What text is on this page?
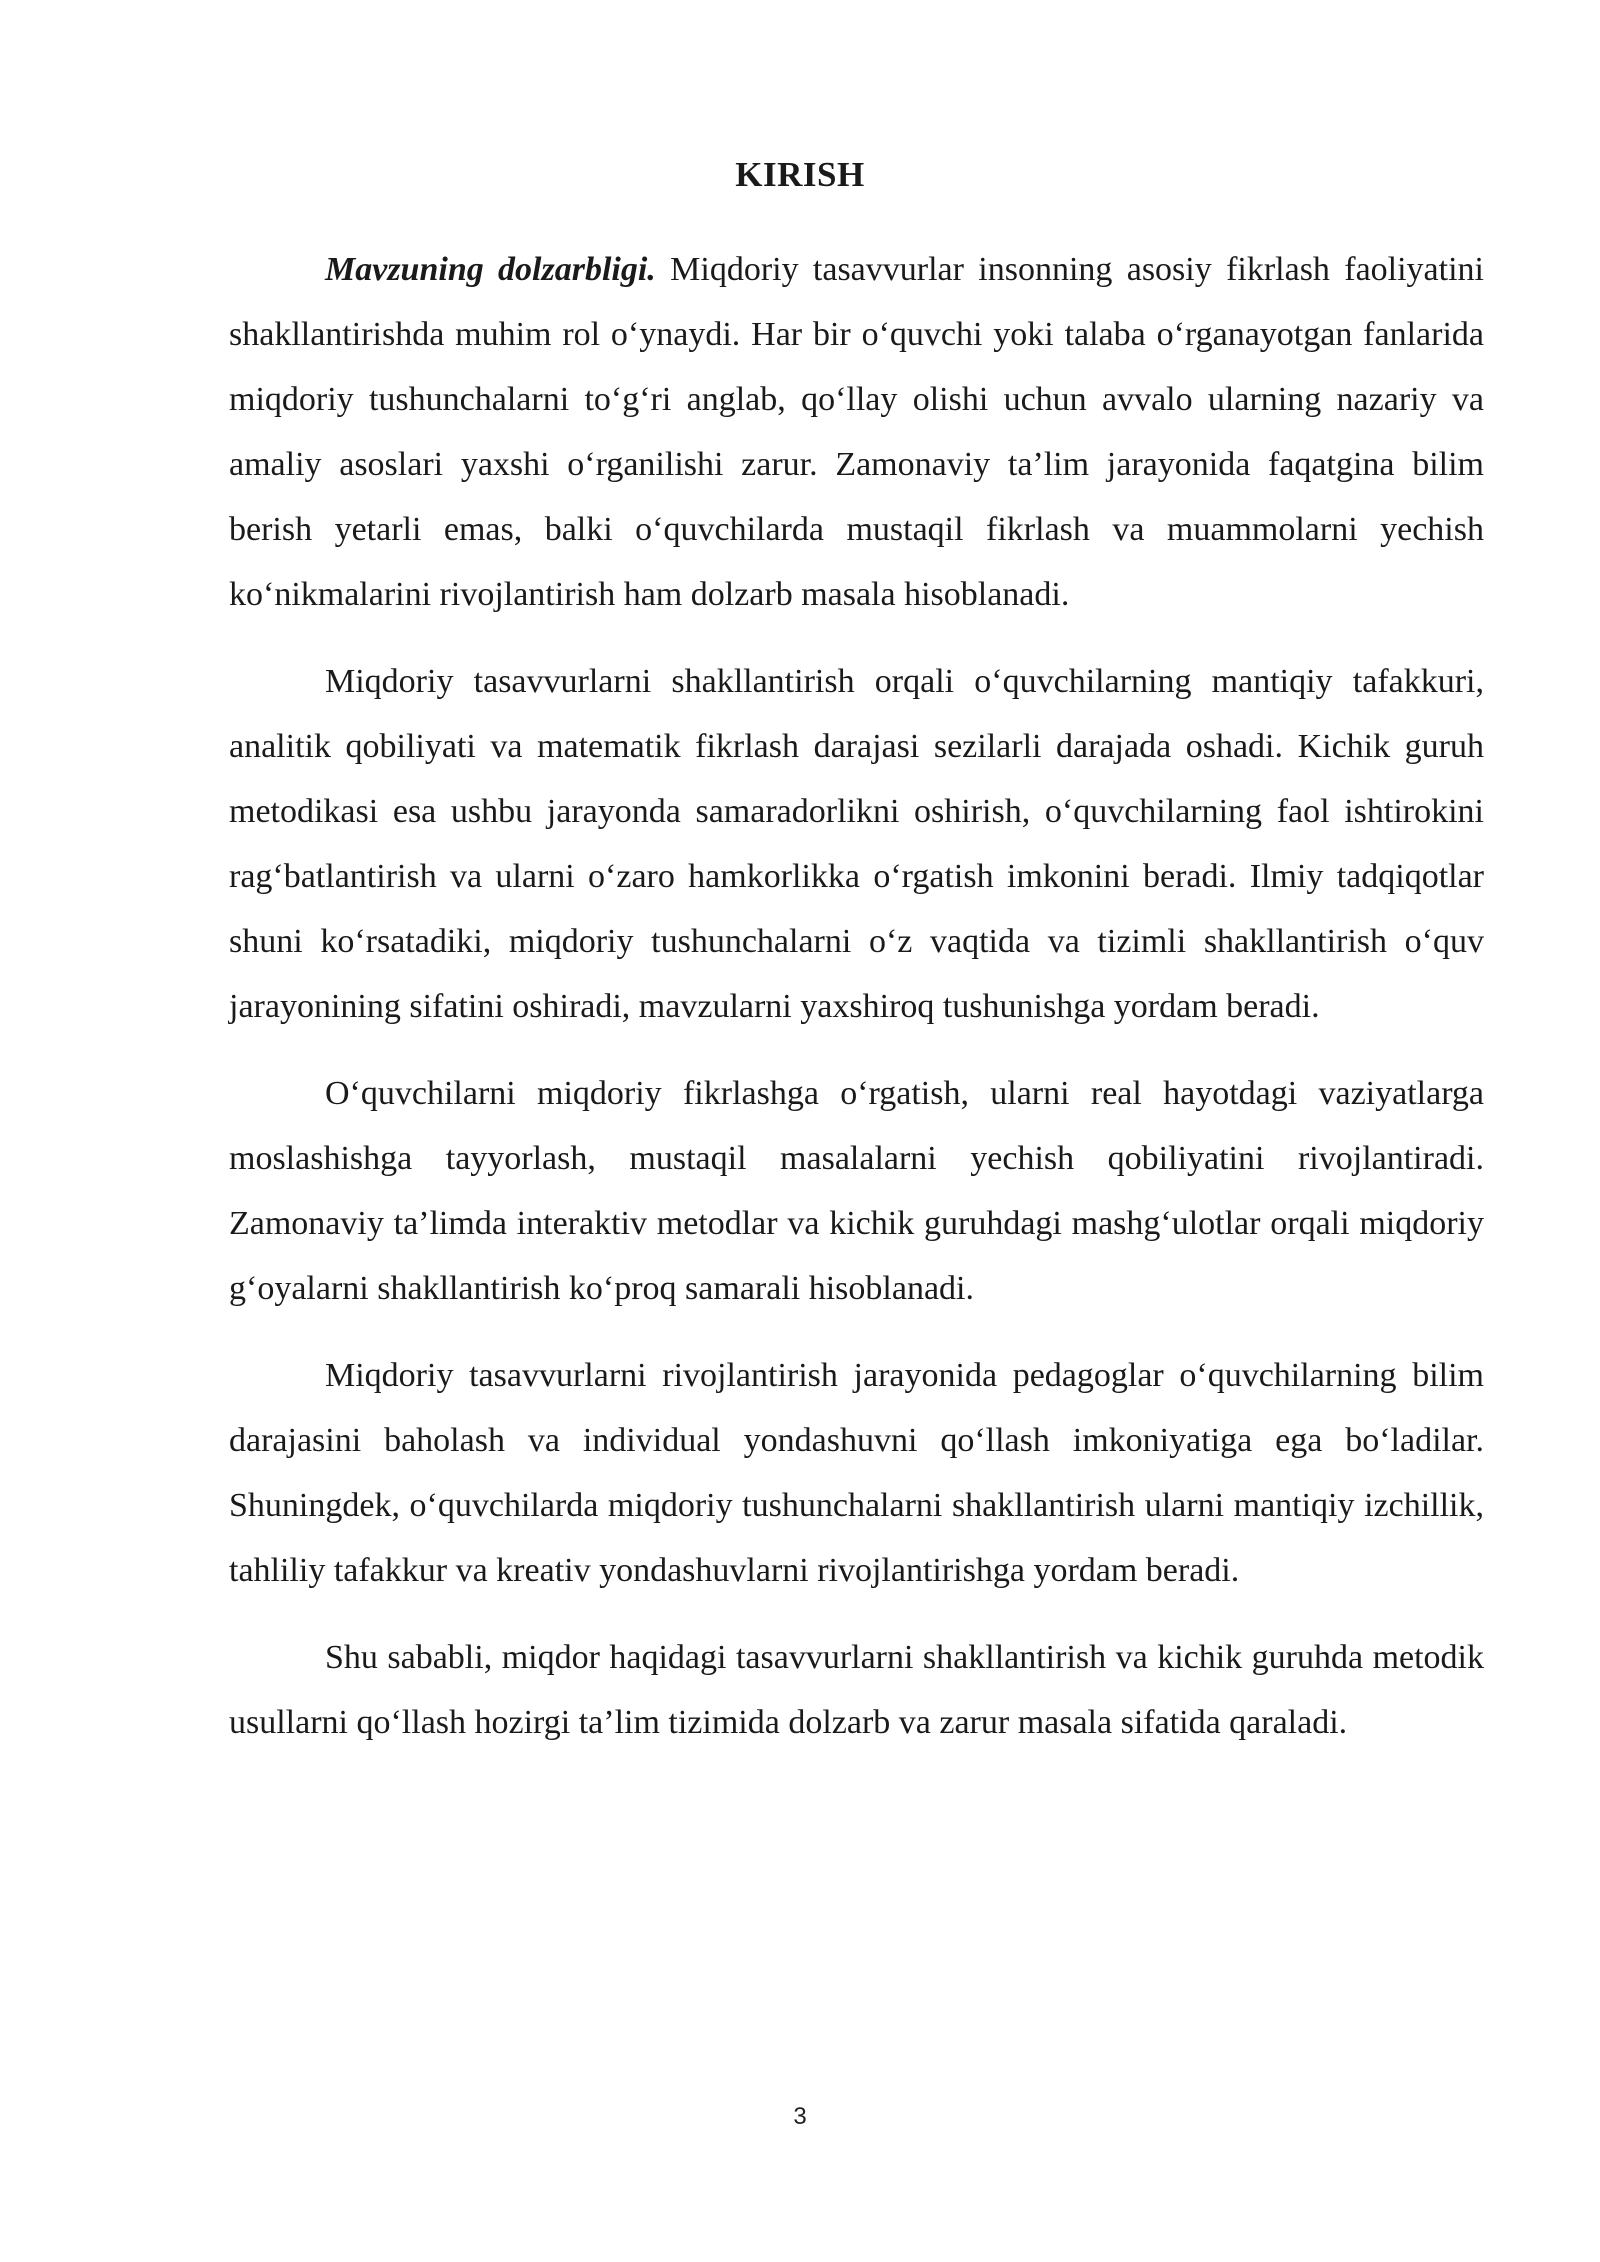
KIRISH

Mavzuning dolzarbligi. Miqdoriy tasavvurlar insonning asosiy fikrlash faoliyatini shakllantirishda muhim rol o‘ynaydi. Har bir o‘quvchi yoki talaba o‘rganayotgan fanlarida miqdoriy tushunchalarni to‘g‘ri anglab, qo‘llay olishi uchun avvalo ularning nazariy va amaliy asoslari yaxshi o‘rganilishi zarur. Zamonaviy ta’lim jarayonida faqatgina bilim berish yetarli emas, balki o‘quvchilarda mustaqil fikrlash va muammolarni yechish ko‘nikmalarini rivojlantirish ham dolzarb masala hisoblanadi.

Miqdoriy tasavvurlarni shakllantirish orqali o‘quvchilarning mantiqiy tafakkuri, analitik qobiliyati va matematik fikrlash darajasi sezilarli darajada oshadi. Kichik guruh metodikasi esa ushbu jarayonda samaradorlikni oshirish, o‘quvchilarning faol ishtirokini rag‘batlantirish va ularni o‘zaro hamkorlikka o‘rgatish imkonini beradi. Ilmiy tadqiqotlar shuni ko‘rsatadiki, miqdoriy tushunchalarni o‘z vaqtida va tizimli shakllantirish o‘quv jarayonining sifatini oshiradi, mavzularni yaxshiroq tushunishga yordam beradi.

O‘quvchilarni miqdoriy fikrlashga o‘rgatish, ularni real hayotdagi vaziyatlarga moslashishga tayyorlash, mustaqil masalalarni yechish qobiliyatini rivojlantiradi. Zamonaviy ta’limda interaktiv metodlar va kichik guruhdagi mashg‘ulotlar orqali miqdoriy g‘oyalarni shakllantirish ko‘proq samarali hisoblanadi.

Miqdoriy tasavvurlarni rivojlantirish jarayonida pedagoglar o‘quvchilarning bilim darajasini baholash va individual yondashuvni qo‘llash imkoniyatiga ega bo‘ladilar. Shuningdek, o‘quvchilarda miqdoriy tushunchalarni shakllantirish ularni mantiqiy izchillik, tahliliy tafakkur va kreativ yondashuvlarni rivojlantirishga yordam beradi.

Shu sababli, miqdor haqidagi tasavvurlarni shakllantirish va kichik guruhda metodik usullarni qo‘llash hozirgi ta’lim tizimida dolzarb va zarur masala sifatida qaraladi.

3
